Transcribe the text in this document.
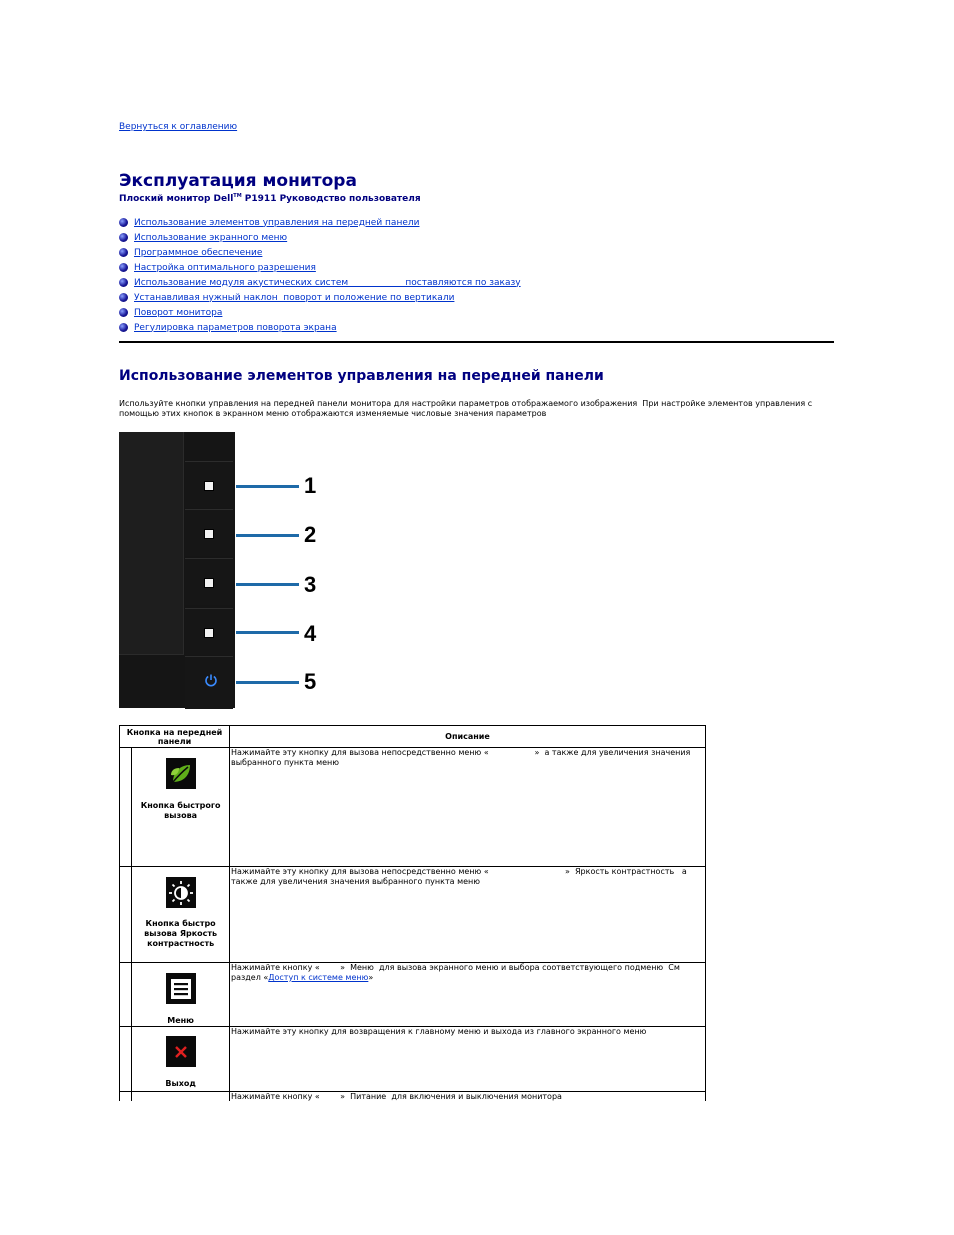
Вернуться к оглавлению
Эксплуатация монитора

Плоский монитор Dell™ P1911 Руководство пользователя

Использование элементов управления на передней панели
Использование экранного меню
Программное обеспечение
Настройка оптимального разрешения
Использование модуля акустических систем                    поставляются по заказу
Устанавливая нужный наклон  поворот и положение по вертикали
Поворот монитора
Регулировка параметров поворота экрана
Использование элементов управления на передней панели

Используйте кнопки управления на передней панели монитора для настройки параметров отображаемого изображения  При настройке элементов управления с помощью этих кнопок в экранном меню отображаются изменяемые числовые значения параметров

1
2
3
4
5
Кнопка на передней панели		Описание

	Кнопка быстрого вызова	Нажимайте эту кнопку для вызова непосредственно меню «                  »  а также для увеличения значения выбранного пункта меню

	Кнопка быстро вызова Яркость контрастность	Нажимайте эту кнопку для вызова непосредственно меню «                              »  Яркость контрастность   а также для увеличения значения выбранного пункта меню

	Меню	Нажимайте кнопку «        »  Меню  для вызова экранного меню и выбора соответствующего подменю  См  раздел «Доступ к системе меню»

	Выход	Нажимайте эту кнопку для возвращения к главному меню и выхода из главного экранного меню

	Нажимайте кнопку «        »  Питание  для включения и выключения монитора
